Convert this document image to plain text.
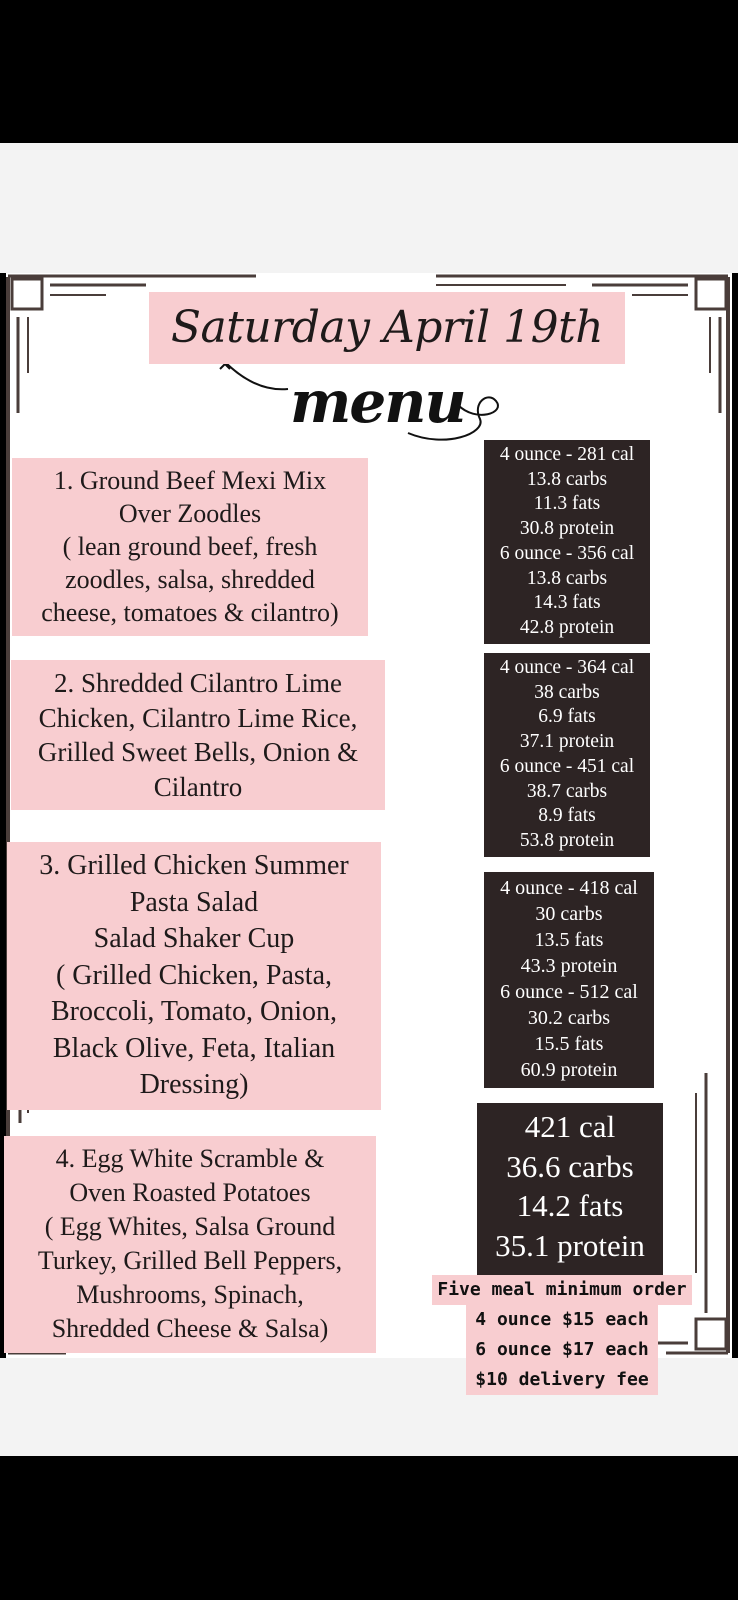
Saturday April 19th
menu
1. Ground Beef Mexi Mix
Over Zoodles
( lean ground beef, fresh
zoodles, salsa, shredded
cheese, tomatoes & cilantro)
2. Shredded Cilantro Lime
Chicken, Cilantro Lime Rice,
Grilled Sweet Bells, Onion &
Cilantro
3. Grilled Chicken Summer
Pasta Salad
Salad Shaker Cup
( Grilled Chicken, Pasta,
Broccoli, Tomato, Onion,
Black Olive, Feta, Italian
Dressing)
4. Egg White Scramble &
Oven Roasted Potatoes
( Egg Whites, Salsa Ground
Turkey, Grilled Bell Peppers,
Mushrooms, Spinach,
Shredded Cheese & Salsa)
4 ounce - 281 cal
13.8 carbs
11.3 fats
30.8 protein
6 ounce - 356 cal
13.8 carbs
14.3 fats
42.8 protein
4 ounce - 364 cal
38 carbs
6.9 fats
37.1 protein
6 ounce - 451 cal
38.7 carbs
8.9 fats
53.8 protein
4 ounce - 418 cal
30 carbs
13.5 fats
43.3 protein
6 ounce - 512 cal
30.2 carbs
15.5 fats
60.9 protein
421 cal
36.6 carbs
14.2 fats
35.1 protein
Five meal minimum order
4 ounce $15 each
6 ounce $17 each
$10 delivery fee
